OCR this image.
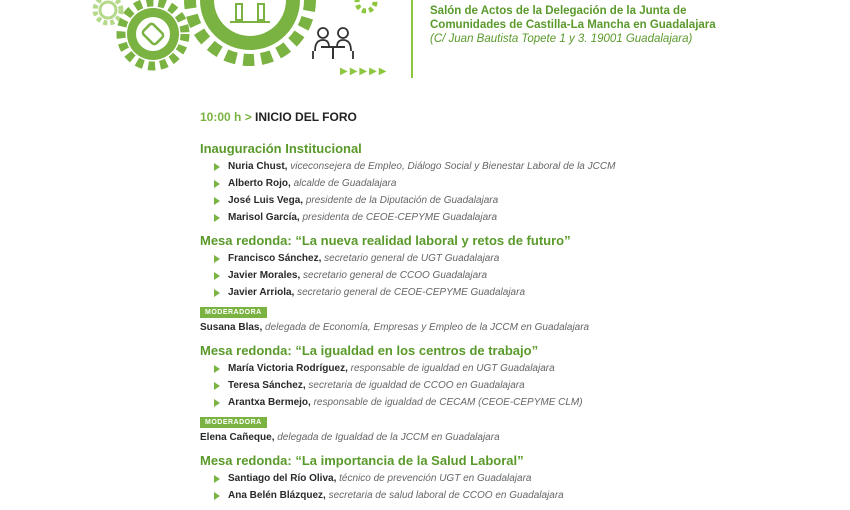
▶▶▶▶▶
Salón de Actos de la Delegación de la Junta de
Comunidades de Castilla-La Mancha en Guadalajara
(C/ Juan Bautista Topete 1 y 3. 19001 Guadalajara)
10:00 h > INICIO DEL FORO
Inauguración Institucional
Nuria Chust, viceconsejera de Empleo, Diálogo Social y Bienestar Laboral de la JCCM
Alberto Rojo, alcalde de Guadalajara
José Luis Vega, presidente de la Diputación de Guadalajara
Marisol García, presidenta de CEOE-CEPYME Guadalajara
Mesa redonda: “La nueva realidad laboral y retos de futuro”
Francisco Sánchez, secretario general de UGT Guadalajara
Javier Morales, secretario general de CCOO Guadalajara
Javier Arriola, secretario general de CEOE-CEPYME Guadalajara
MODERADORA
Susana Blas, delegada de Economía, Empresas y Empleo de la JCCM en Guadalajara
Mesa redonda: “La igualdad en los centros de trabajo”
María Victoria Rodríguez, responsable de igualdad en UGT Guadalajara
Teresa Sánchez, secretaria de igualdad de CCOO en Guadalajara
Arantxa Bermejo, responsable de igualdad de CECAM (CEOE-CEPYME CLM)
MODERADORA
Elena Cañeque, delegada de Igualdad de la JCCM en Guadalajara
Mesa redonda: “La importancia de la Salud Laboral”
Santiago del Río Oliva, técnico de prevención UGT en Guadalajara
Ana Belén Blázquez, secretaria de salud laboral de CCOO en Guadalajara
